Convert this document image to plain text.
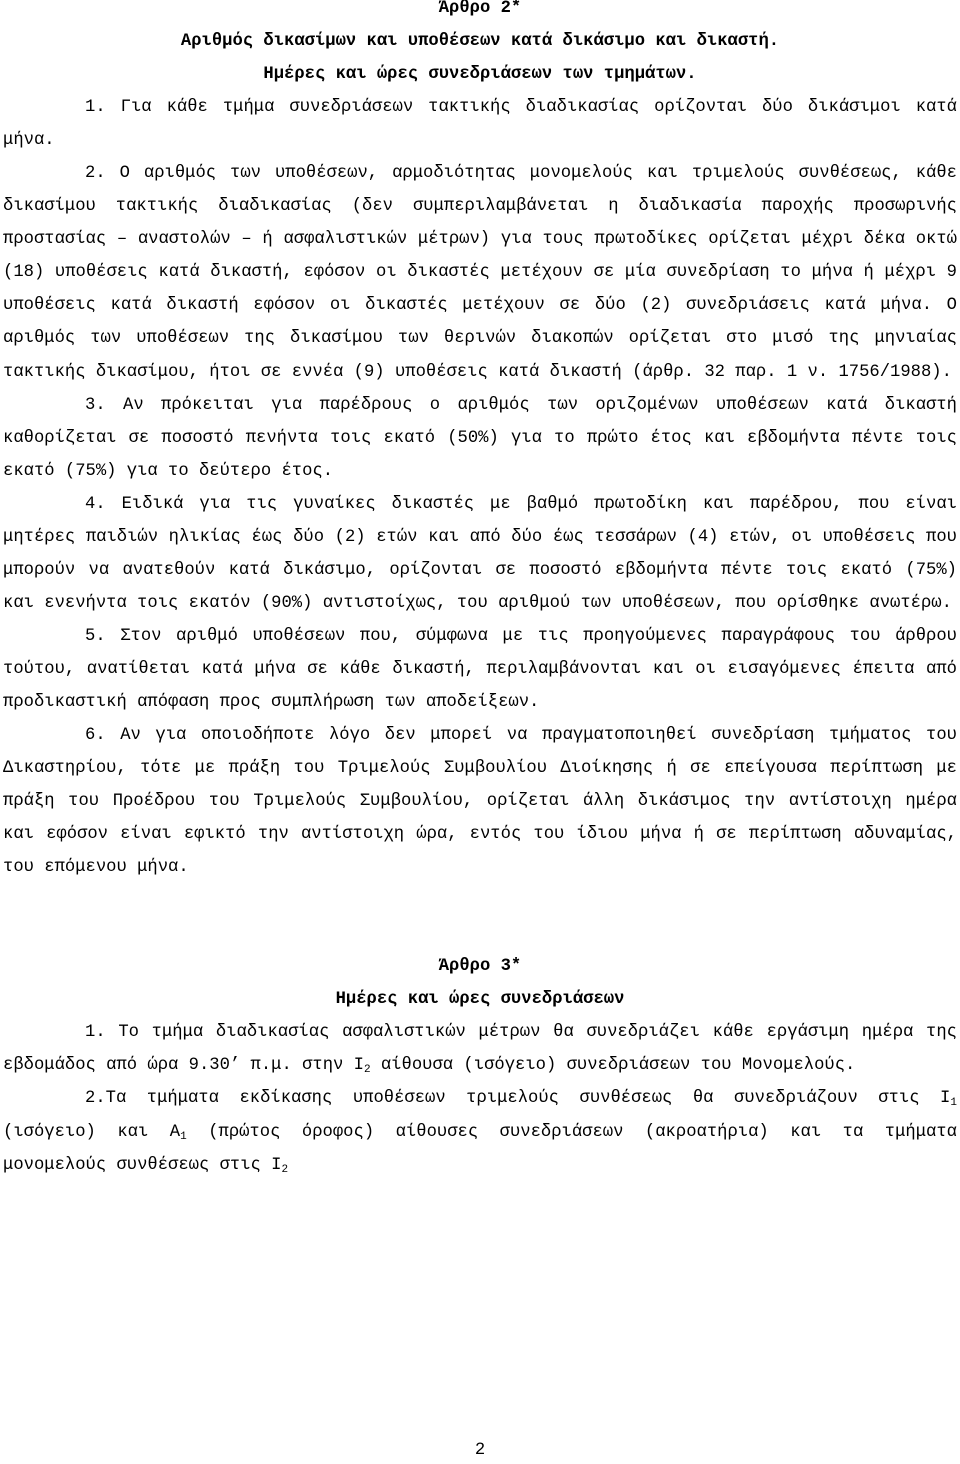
Άρθρο 2*

Αριθμός δικασίμων και υποθέσεων κατά δικάσιμο και δικαστή.

Ημέρες και ώρες συνεδριάσεων των τμημάτων.

1. Για κάθε τμήμα συνεδριάσεων τακτικής διαδικασίας ορίζονται δύο δικάσιμοι κατά μήνα.

2. Ο αριθμός των υποθέσεων, αρμοδιότητας μονομελούς και τριμελούς συνθέσεως, κάθε δικασίμου τακτικής διαδικασίας (δεν συμπεριλαμβάνεται η διαδικασία παροχής προσωρινής προστασίας – αναστολών – ή ασφαλιστικών μέτρων) για τους πρωτοδίκες ορίζεται μέχρι δέκα οκτώ (18) υποθέσεις κατά δικαστή, εφόσον οι δικαστές μετέχουν σε μία συνεδρίαση το μήνα ή μέχρι 9 υποθέσεις κατά δικαστή εφόσον οι δικαστές μετέχουν σε δύο (2) συνεδριάσεις κατά μήνα. Ο αριθμός των υποθέσεων της δικασίμου των θερινών διακοπών ορίζεται στο μισό της μηνιαίας τακτικής δικασίμου, ήτοι σε εννέα (9) υποθέσεις κατά δικαστή (άρθρ. 32 παρ. 1 ν. 1756/1988).

3. Αν πρόκειται για παρέδρους ο αριθμός των οριζομένων υποθέσεων κατά δικαστή καθορίζεται σε ποσοστό πενήντα τοις εκατό (50%) για το πρώτο έτος και εβδομήντα πέντε τοις εκατό (75%) για το δεύτερο έτος.

4. Ειδικά για τις γυναίκες δικαστές με βαθμό πρωτοδίκη και παρέδρου, που είναι μητέρες παιδιών ηλικίας έως δύο (2) ετών και από δύο έως τεσσάρων (4) ετών, οι υποθέσεις που μπορούν να ανατεθούν κατά δικάσιμο, ορίζονται σε ποσοστό εβδομήντα πέντε τοις εκατό (75%) και ενενήντα τοις εκατόν (90%) αντιστοίχως, του αριθμού των υποθέσεων, που ορίσθηκε ανωτέρω.

5. Στον αριθμό υποθέσεων που, σύμφωνα με τις προηγούμενες παραγράφους του άρθρου τούτου, ανατίθεται κατά μήνα σε κάθε δικαστή, περιλαμβάνονται και οι εισαγόμενες έπειτα από προδικαστική απόφαση προς συμπλήρωση των αποδείξεων.

6. Αν για οποιοδήποτε λόγο δεν μπορεί να πραγματοποιηθεί συνεδρίαση τμήματος του Δικαστηρίου, τότε με πράξη του Τριμελούς Συμβουλίου Διοίκησης ή σε επείγουσα περίπτωση με πράξη του Προέδρου του Τριμελούς Συμβουλίου, ορίζεται άλλη δικάσιμος την αντίστοιχη ημέρα και εφόσον είναι εφικτό την αντίστοιχη ώρα, εντός του ίδιου μήνα ή σε περίπτωση αδυναμίας, του επόμενου μήνα.

Άρθρο 3*

Ημέρες και ώρες συνεδριάσεων

1. Το τμήμα διαδικασίας ασφαλιστικών μέτρων θα συνεδριάζει κάθε εργάσιμη ημέρα της εβδομάδος από ώρα 9.30’ π.μ. στην $I_2$ αίθουσα (ισόγειο) συνεδριάσεων του Μονομελούς.

2.Τα τμήματα εκδίκασης υποθέσεων τριμελούς συνθέσεως θα συνεδριάζουν στις $I_1$ (ισόγειο) και $A_1$ (πρώτος όροφος) αίθουσες συνεδριάσεων (ακροατήρια) και τα τμήματα μονομελούς συνθέσεως στις $I_2$

2
